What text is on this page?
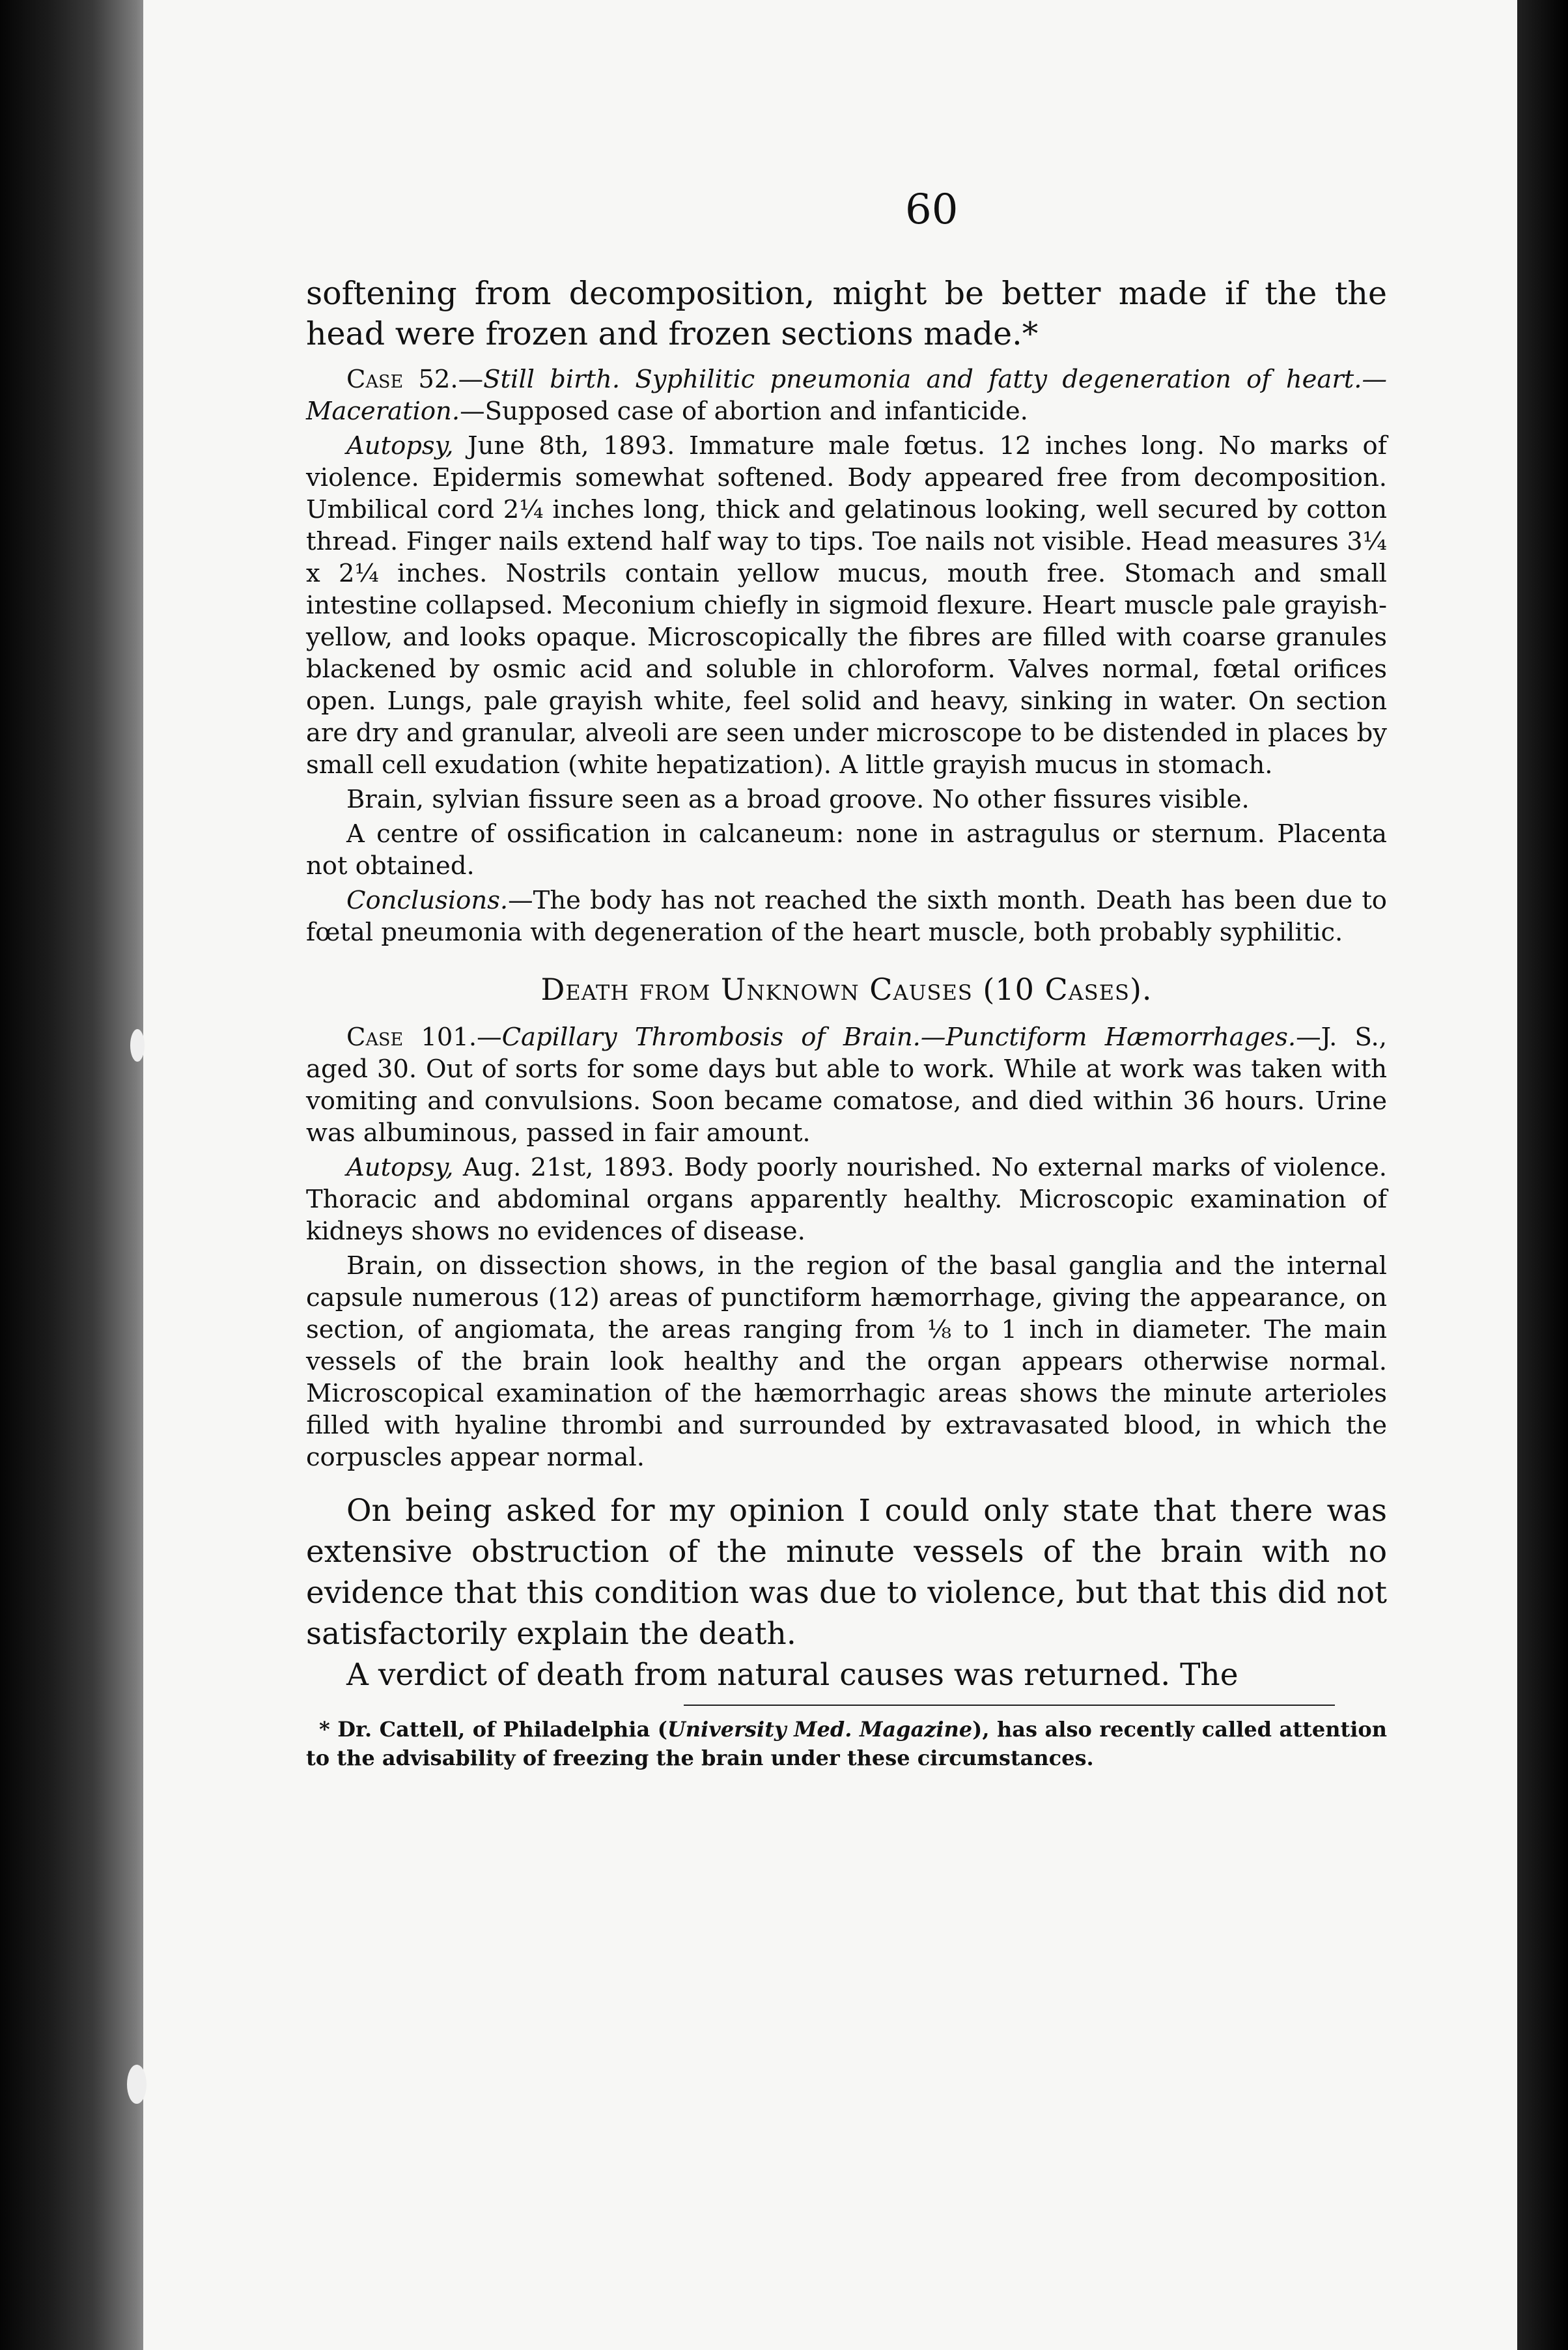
60

softening from decomposition, might be better made if the the head were frozen and frozen sections made.*

Case 52.—Still birth. Syphilitic pneumonia and fatty degeneration of heart.—Maceration.—Supposed case of abortion and infanticide.

Autopsy, June 8th, 1893. Immature male fœtus. 12 inches long. No marks of violence. Epidermis somewhat softened. Body appeared free from decomposition. Umbilical cord 2¼ inches long, thick and gelatinous looking, well secured by cotton thread. Finger nails extend half way to tips. Toe nails not visible. Head measures 3¼ x 2¼ inches. Nostrils contain yellow mucus, mouth free. Stomach and small intestine collapsed. Meconium chiefly in sigmoid flexure. Heart muscle pale grayish-yellow, and looks opaque. Microscopically the fibres are filled with coarse granules blackened by osmic acid and soluble in chloroform. Valves normal, fœtal orifices open. Lungs, pale grayish white, feel solid and heavy, sinking in water. On section are dry and granular, alveoli are seen under microscope to be distended in places by small cell exudation (white hepatization). A little grayish mucus in stomach.

Brain, sylvian fissure seen as a broad groove. No other fissures visible.

A centre of ossification in calcaneum: none in astragulus or sternum. Placenta not obtained.

Conclusions.—The body has not reached the sixth month. Death has been due to fœtal pneumonia with degeneration of the heart muscle, both probably syphilitic.

Death from Unknown Causes (10 Cases).

Case 101.—Capillary Thrombosis of Brain.—Punctiform Hæmorrhages.—J. S., aged 30. Out of sorts for some days but able to work. While at work was taken with vomiting and convulsions. Soon became comatose, and died within 36 hours. Urine was albuminous, passed in fair amount.

Autopsy, Aug. 21st, 1893. Body poorly nourished. No external marks of violence. Thoracic and abdominal organs apparently healthy. Microscopic examination of kidneys shows no evidences of disease.

Brain, on dissection shows, in the region of the basal ganglia and the internal capsule numerous (12) areas of punctiform hæmorrhage, giving the appearance, on section, of angiomata, the areas ranging from ⅛ to 1 inch in diameter. The main vessels of the brain look healthy and the organ appears otherwise normal. Microscopical examination of the hæmorrhagic areas shows the minute arterioles filled with hyaline thrombi and surrounded by extravasated blood, in which the corpuscles appear normal.

On being asked for my opinion I could only state that there was extensive obstruction of the minute vessels of the brain with no evidence that this condition was due to violence, but that this did not satisfactorily explain the death.

A verdict of death from natural causes was returned. The

* Dr. Cattell, of Philadelphia (University Med. Magazine), has also recently called attention to the advisability of freezing the brain under these circumstances.
